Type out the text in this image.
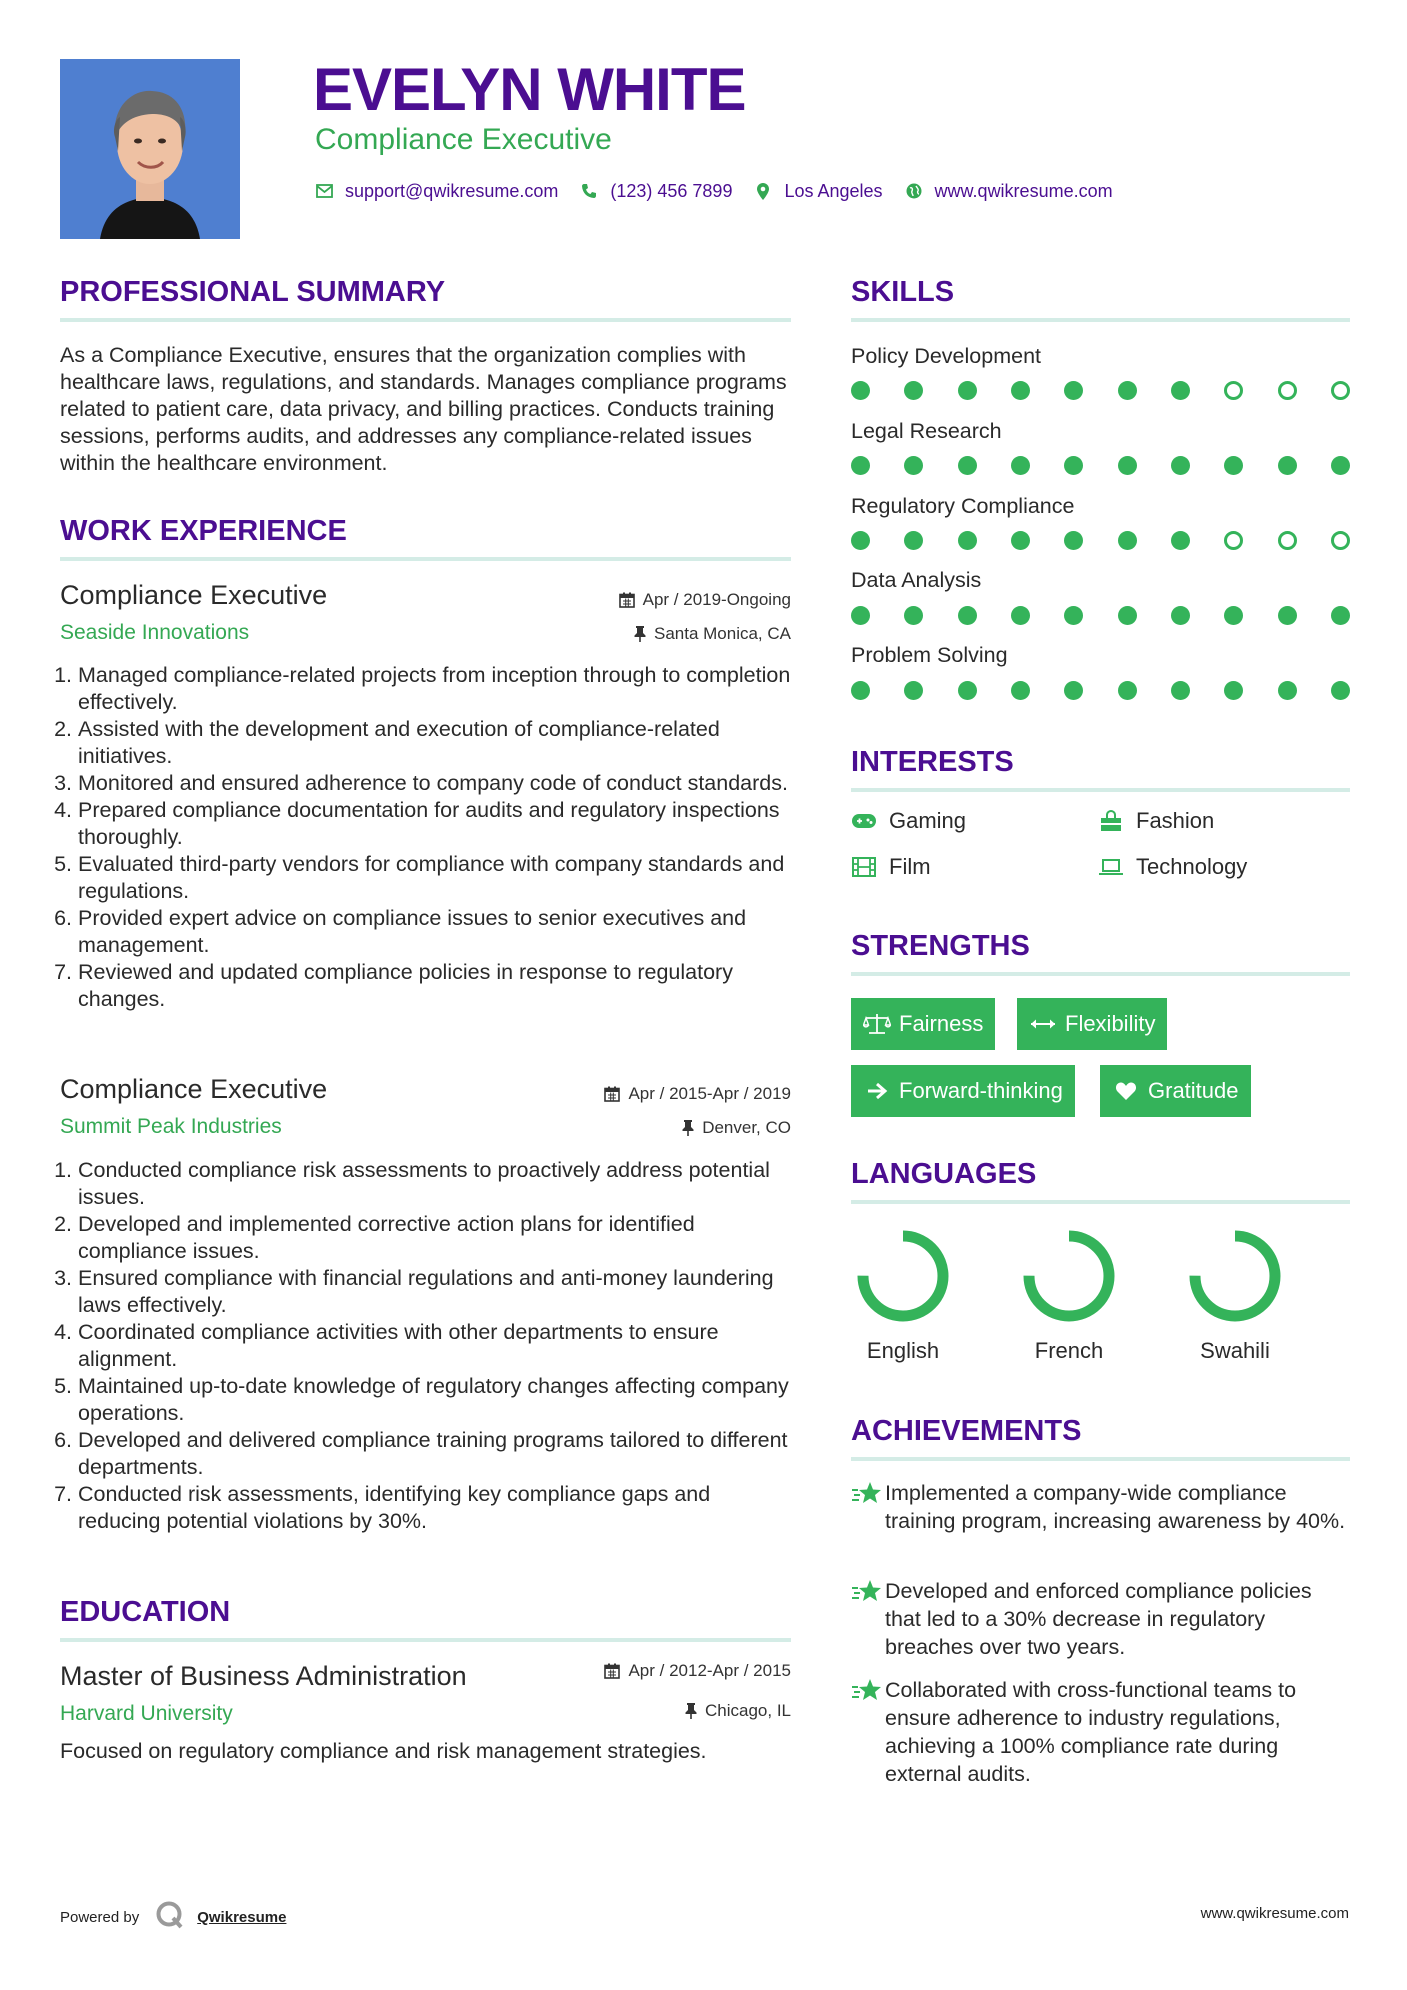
EVELYN WHITE
Compliance Executive
support@qwikresume.com	(123) 456 7899	Los Angeles	www.qwikresume.com
PROFESSIONAL SUMMARY
As a Compliance Executive, ensures that the organization complies with healthcare laws, regulations, and standards. Manages compliance programs related to patient care, data privacy, and billing practices. Conducts training sessions, performs audits, and addresses any compliance-related issues within the healthcare environment.
WORK EXPERIENCE
Compliance Executive
Seaside Innovations
Apr / 2019-Ongoing
Santa Monica, CA
1. Managed compliance-related projects from inception through to completion effectively.
2. Assisted with the development and execution of compliance-related initiatives.
3. Monitored and ensured adherence to company code of conduct standards.
4. Prepared compliance documentation for audits and regulatory inspections thoroughly.
5. Evaluated third-party vendors for compliance with company standards and regulations.
6. Provided expert advice on compliance issues to senior executives and management.
7. Reviewed and updated compliance policies in response to regulatory changes.
Compliance Executive
Summit Peak Industries
Apr / 2015-Apr / 2019
Denver, CO
1. Conducted compliance risk assessments to proactively address potential issues.
2. Developed and implemented corrective action plans for identified compliance issues.
3. Ensured compliance with financial regulations and anti-money laundering laws effectively.
4. Coordinated compliance activities with other departments to ensure alignment.
5. Maintained up-to-date knowledge of regulatory changes affecting company operations.
6. Developed and delivered compliance training programs tailored to different departments.
7. Conducted risk assessments, identifying key compliance gaps and reducing potential violations by 30%.
EDUCATION
Master of Business Administration
Harvard University
Apr / 2012-Apr / 2015
Chicago, IL
Focused on regulatory compliance and risk management strategies.
SKILLS
Policy Development
Legal Research
Regulatory Compliance
Data Analysis
Problem Solving
INTERESTS
Gaming	Fashion
Film	Technology
STRENGTHS
Fairness	Flexibility
Forward-thinking	Gratitude
LANGUAGES
English	French	Swahili
ACHIEVEMENTS
Implemented a company-wide compliance training program, increasing awareness by 40%.
Developed and enforced compliance policies that led to a 30% decrease in regulatory breaches over two years.
Collaborated with cross-functional teams to ensure adherence to industry regulations, achieving a 100% compliance rate during external audits.
Powered by	Qwikresume	www.qwikresume.com
